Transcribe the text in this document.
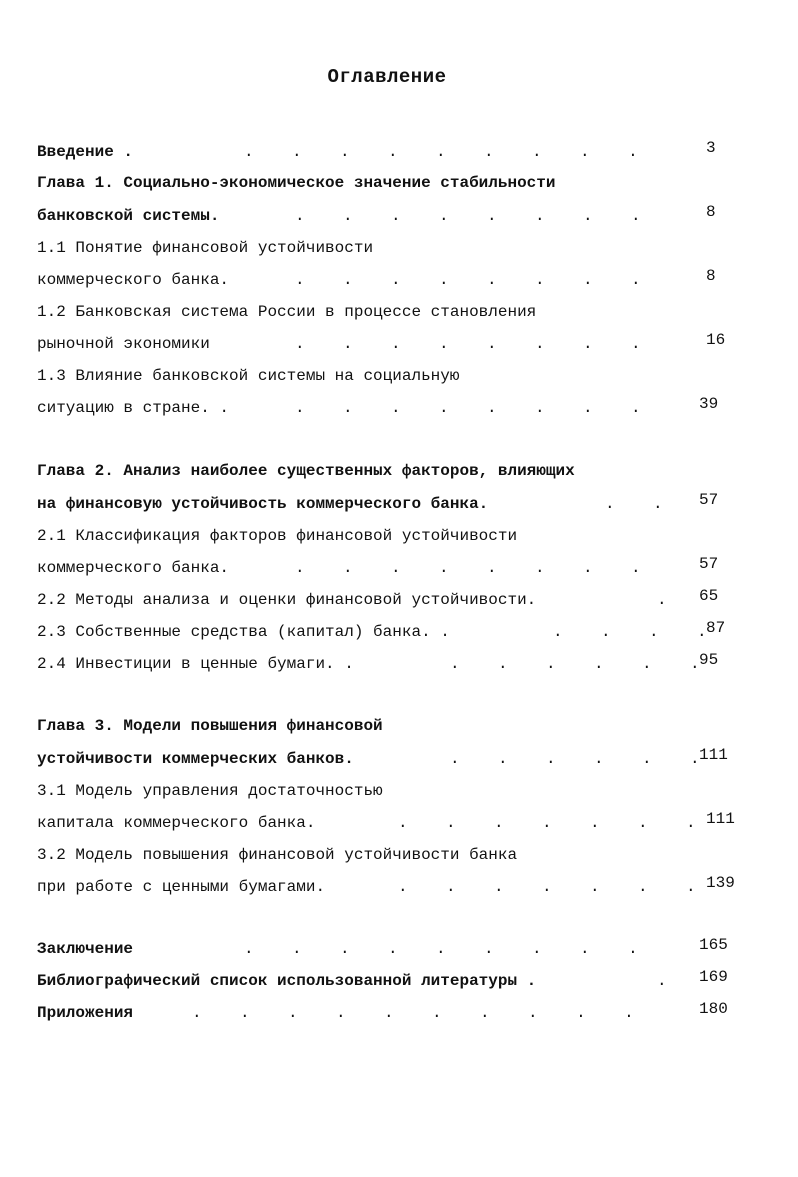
Оглавление
Введение .	.    .    .    .    .    .    .    .    .	3
Глава 1. Социально-экономическое значение стабильности
банковской системы.	.    .    .    .    .    .    .    .	8
1.1 Понятие финансовой устойчивости
коммерческого банка.	.    .    .    .    .    .    .    .	8
1.2 Банковская система России в процессе становления
рыночной экономики	.    .    .    .    .    .    .    .	16
1.3 Влияние банковской системы на социальную
ситуацию в стране. .	.    .    .    .    .    .    .    .	39
Глава 2. Анализ наиболее существенных факторов, влияющих
на финансовую устойчивость коммерческого банка.	.    . 57
2.1 Классификация факторов финансовой устойчивости
коммерческого банка.	.    .    .    .    .    .    .    .	57
2.2 Методы анализа и оценки финансовой устойчивости.	. 65
2.3 Собственные средства (капитал) банка. .	.    .    .    . 87
2.4 Инвестиции в ценные бумаги. .	.    .    .    .    .    . 95
Глава 3. Модели повышения финансовой
устойчивости коммерческих банков.	.    .    .    .    .    . 111
3.1 Модель управления достаточностью
капитала коммерческого банка.	.    .    .    .    .    .    . 111
3.2 Модель повышения финансовой устойчивости банка
при работе с ценными бумагами.	.    .    .    .    .    .    . 139
Заключение	.    .    .    .    .    .    .    .    .	165
Библиографический список использованной литературы .	. 169
Приложения	.    .    .    .    .    .    .    .    .    .	180
